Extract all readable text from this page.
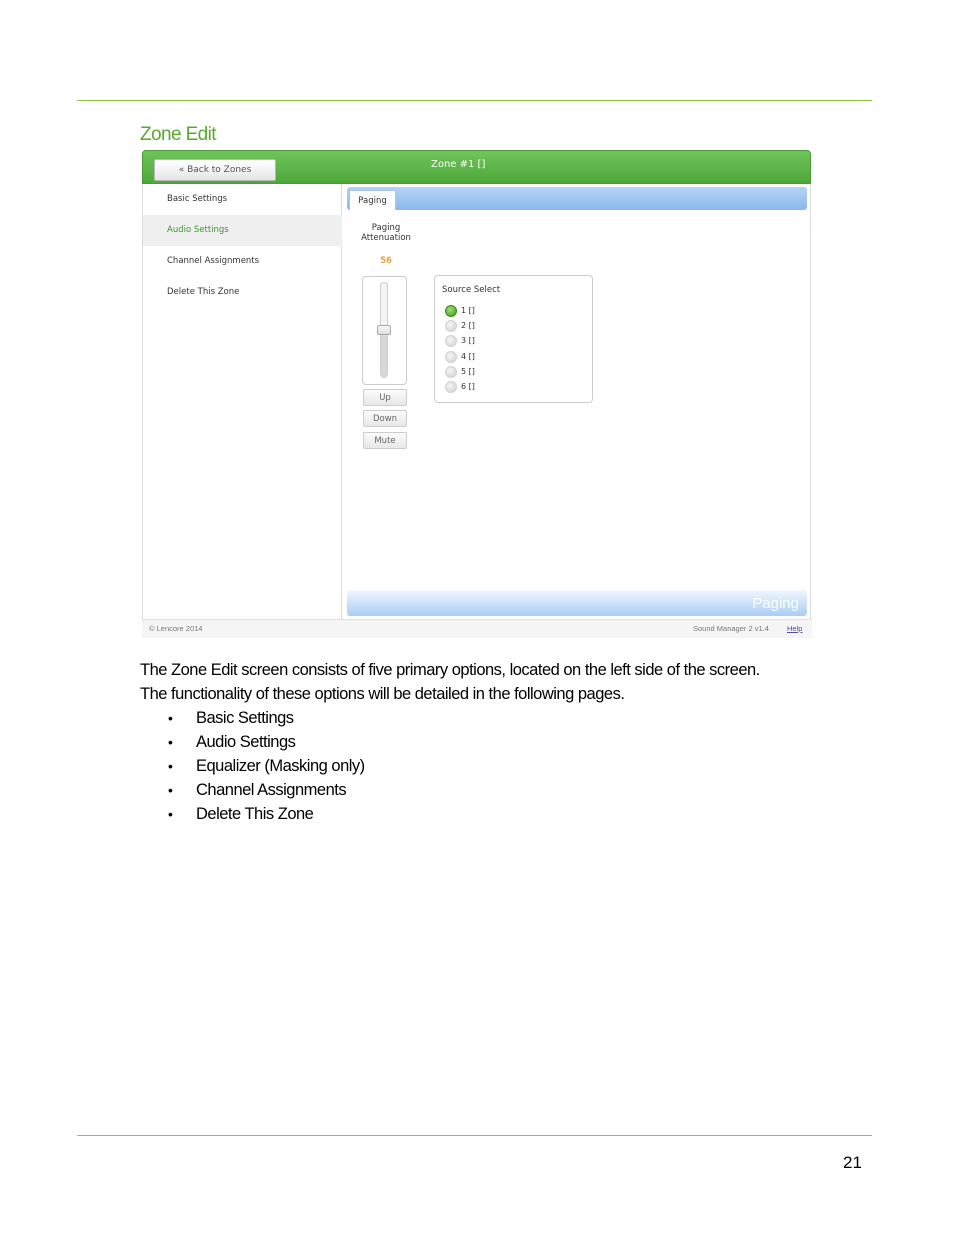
Zone Edit
« Back to Zones	Zone #1 []
Basic Settings
Audio Settings
Channel Assignments
Delete This Zone
Paging
Paging
Attenuation
56
Up
Down
Mute
Source Select
1 []
2 []
3 []
4 []
5 []
6 []
Paging
© Lencore 2014	Sound Manager 2 v1.4 Help
The Zone Edit screen consists of five primary options, located on the left side of the screen. The functionality of these options will be detailed in the following pages.
• Basic Settings
• Audio Settings
• Equalizer (Masking only)
• Channel Assignments
• Delete This Zone
21
